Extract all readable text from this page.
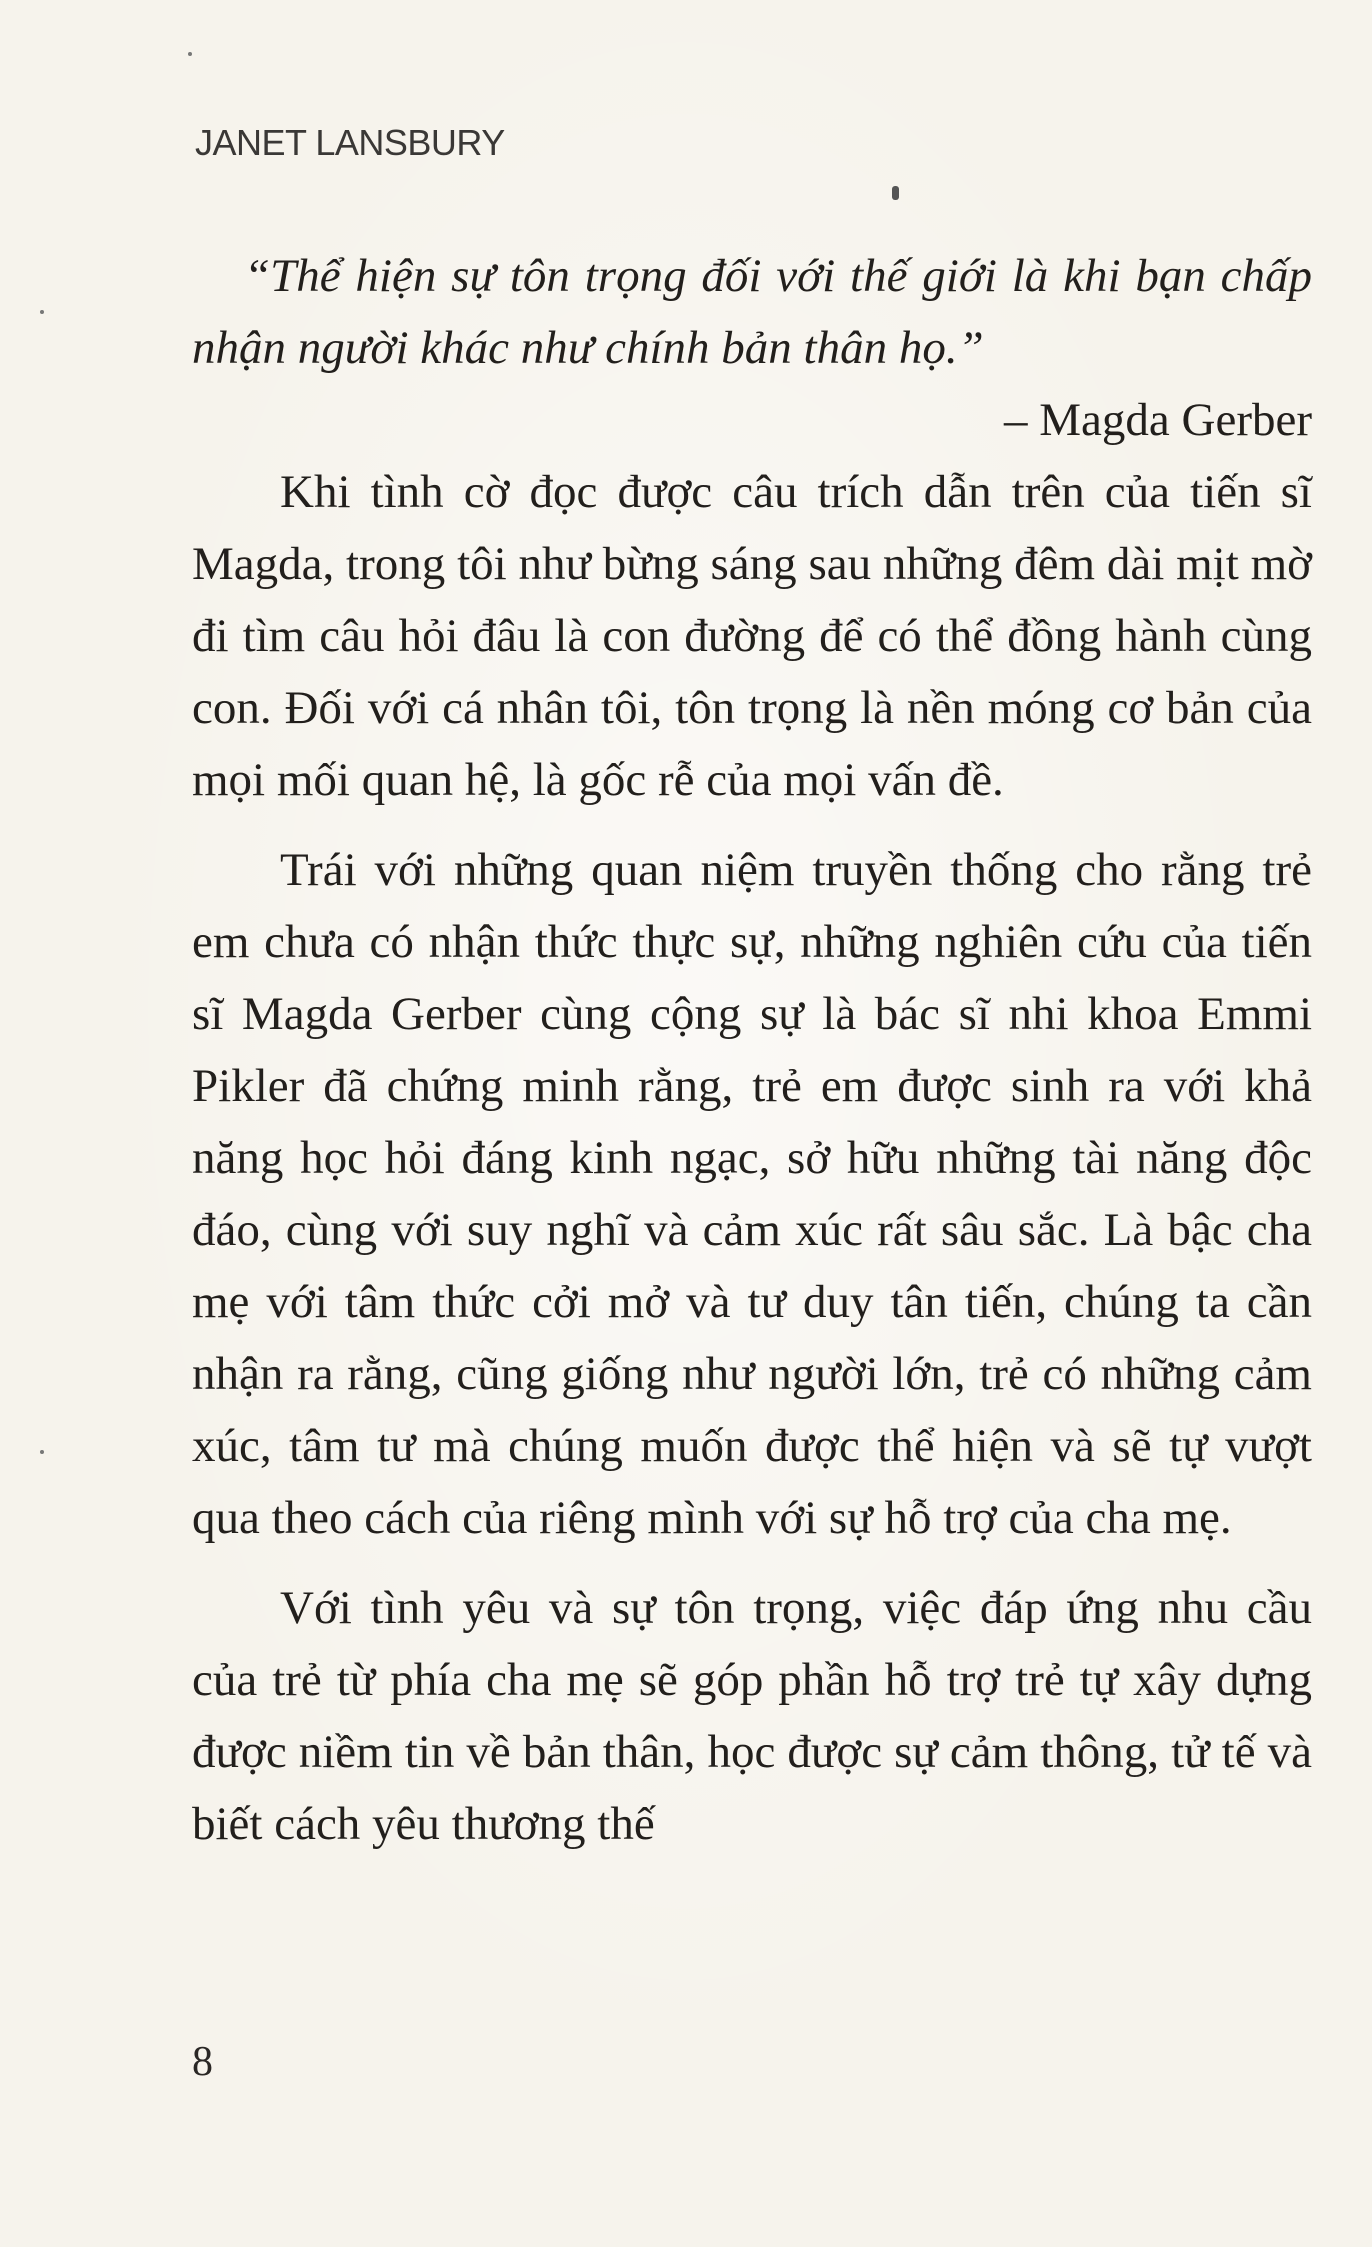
JANET LANSBURY

“Thể hiện sự tôn trọng đối với thế giới là khi bạn chấp nhận người khác như chính bản thân họ.”

– Magda Gerber

Khi tình cờ đọc được câu trích dẫn trên của tiến sĩ Magda, trong tôi như bừng sáng sau những đêm dài mịt mờ đi tìm câu hỏi đâu là con đường để có thể đồng hành cùng con. Đối với cá nhân tôi, tôn trọng là nền móng cơ bản của mọi mối quan hệ, là gốc rễ của mọi vấn đề.

Trái với những quan niệm truyền thống cho rằng trẻ em chưa có nhận thức thực sự, những nghiên cứu của tiến sĩ Magda Gerber cùng cộng sự là bác sĩ nhi khoa Emmi Pikler đã chứng minh rằng, trẻ em được sinh ra với khả năng học hỏi đáng kinh ngạc, sở hữu những tài năng độc đáo, cùng với suy nghĩ và cảm xúc rất sâu sắc. Là bậc cha mẹ với tâm thức cởi mở và tư duy tân tiến, chúng ta cần nhận ra rằng, cũng giống như người lớn, trẻ có những cảm xúc, tâm tư mà chúng muốn được thể hiện và sẽ tự vượt qua theo cách của riêng mình với sự hỗ trợ của cha mẹ.

Với tình yêu và sự tôn trọng, việc đáp ứng nhu cầu của trẻ từ phía cha mẹ sẽ góp phần hỗ trợ trẻ tự xây dựng được niềm tin về bản thân, học được sự cảm thông, tử tế và biết cách yêu thương thế

8
